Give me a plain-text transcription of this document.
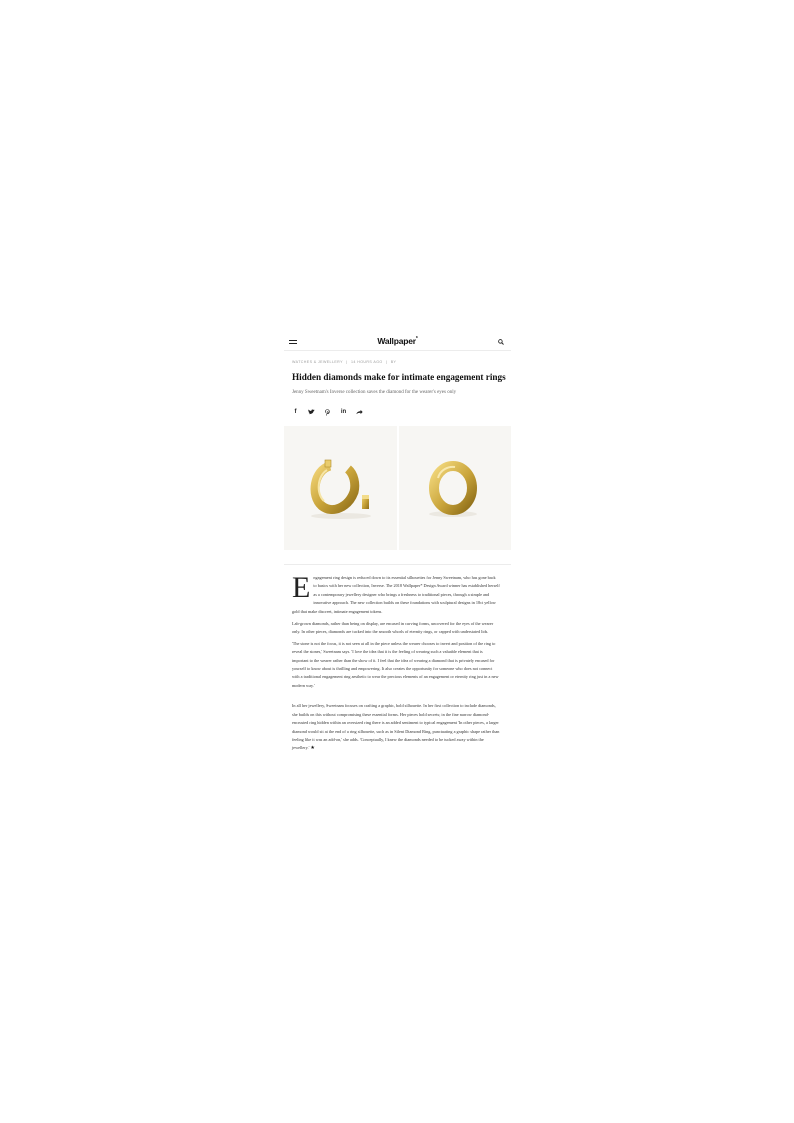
Wallpaper*
WATCHES & JEWELLERY | 14 HOURS AGO | BY
Hidden diamonds make for intimate engagement rings
Jenny Sweetnam's Inverse collection saves the diamond for the wearer's eyes only
f	in

Engagement ring design is reduced down to its essential silhouettes for Jenny Sweetnam, who has gone back to basics with her new collection, Inverse. The 2018 Wallpaper* Design Award winner has established herself as a contemporary jewellery designer who brings a freshness to traditional pieces, through a simple and innovative approach. The new collection builds on these foundations with sculptural designs in 18ct yellow gold that make discreet, intimate engagement tokens.

Lab-grown diamonds, rather than being on display, are encased in curving forms, uncovered for the eyes of the wearer only. In other pieces, diamonds are tucked into the smooth whorls of eternity rings, or capped with understated lids.

'The stone is not the focus, it is not seen at all in the piece unless the wearer chooses to invert and position of the ring to reveal the stones,' Sweetnam says. 'I love the idea that it is the feeling of wearing such a valuable element that is important to the wearer rather than the show of it. I feel that the idea of wearing a diamond that is privately encased for yourself to know about is thrilling and empowering. It also creates the opportunity for someone who does not connect with a traditional engagement ring aesthetic to wear the precious elements of an engagement or eternity ring just in a new modern way.'

In all her jewellery, Sweetnam focuses on crafting a graphic, bold silhouette. In her first collection to include diamonds, she builds on this without compromising these essential forms. Her pieces hold secrets; in the fine narrow diamond-encrusted ring hidden within an oversized ring there is an added sentiment to typical engagement 'In other pieces, a larger diamond would sit at the end of a ring silhouette, such as in Silent Diamond Ring, punctuating a graphic shape rather than feeling like it was an add-on,' she adds. 'Conceptually, I knew the diamonds needed to be tucked away within the jewellery.'★
